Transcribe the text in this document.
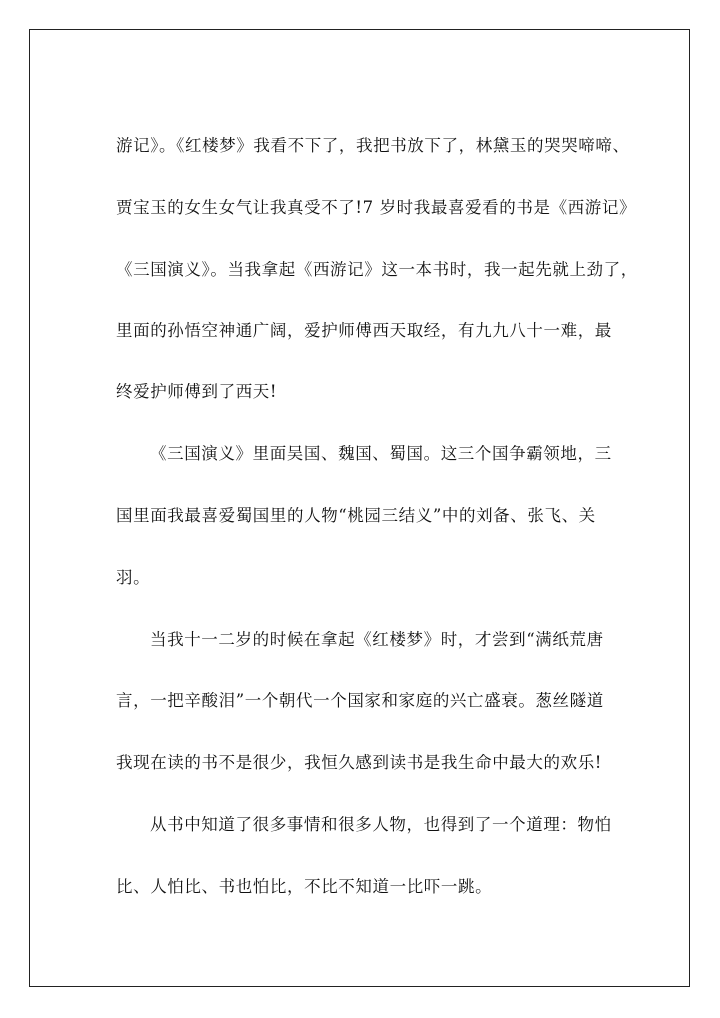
游记》。《红楼梦》我看不下了，我把书放下了，林黛玉的哭哭啼啼、
贾宝玉的女生女气让我真受不了!7 岁时我最喜爱看的书是《西游记》
《三国演义》。当我拿起《西游记》这一本书时，我一起先就上劲了，
里面的孙悟空神通广阔，爱护师傅西天取经，有九九八十一难，最
终爱护师傅到了西天!
《三国演义》里面吴国、魏国、蜀国。这三个国争霸领地，三
国里面我最喜爱蜀国里的人物“桃园三结义”中的刘备、张飞、关
羽。
当我十一二岁的时候在拿起《红楼梦》时，才尝到“满纸荒唐
言，一把辛酸泪”一个朝代一个国家和家庭的兴亡盛衰。葱丝隧道
我现在读的书不是很少，我恒久感到读书是我生命中最大的欢乐!
从书中知道了很多事情和很多人物，也得到了一个道理：物怕
比、人怕比、书也怕比，不比不知道一比吓一跳。
